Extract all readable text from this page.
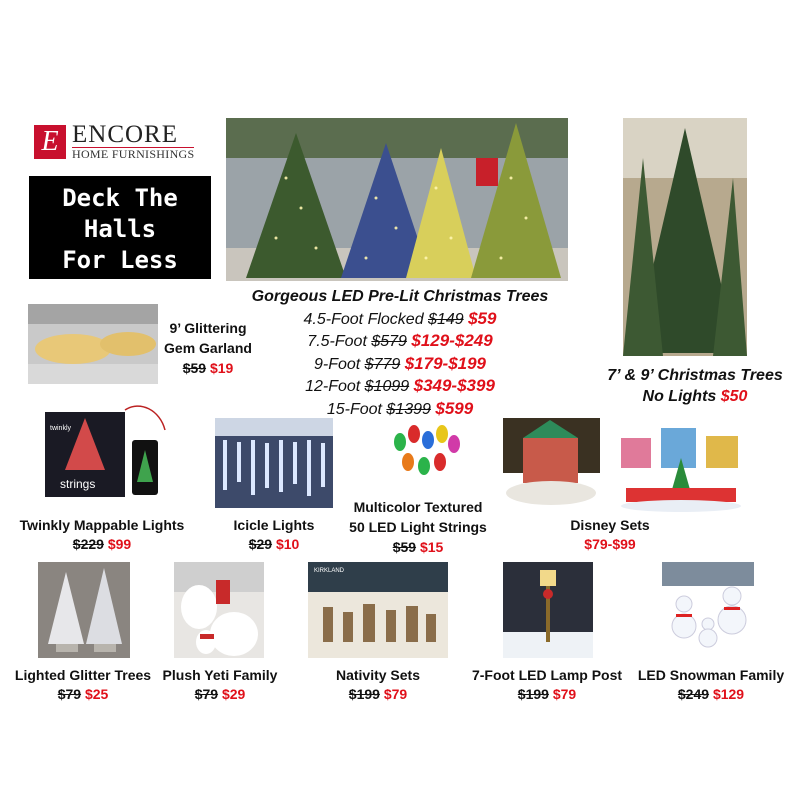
E ENCORE
HOME FURNISHINGS
Deck The
Halls
For Less
9’ Glittering
Gem Garland
$59 $19
Gorgeous LED Pre-Lit Christmas Trees
4.5-Foot Flocked $149 $59
7.5-Foot $579 $129-$249
9-Foot $779 $179-$199
12-Foot $1099 $349-$399
15-Foot $1399 $599
7’ & 9’ Christmas Trees
No Lights $50
twinkly
strings
Twinkly Mappable Lights
$229 $99
Icicle Lights
$29 $10
Multicolor Textured
50 LED Light Strings
$59 $15
Disney Sets
$79-$99
KIRKLAND
Lighted Glitter Trees
$79 $25
Plush Yeti Family
$79 $29
Nativity Sets
$199 $79
7-Foot LED Lamp Post
$199 $79
LED Snowman Family
$249 $129
